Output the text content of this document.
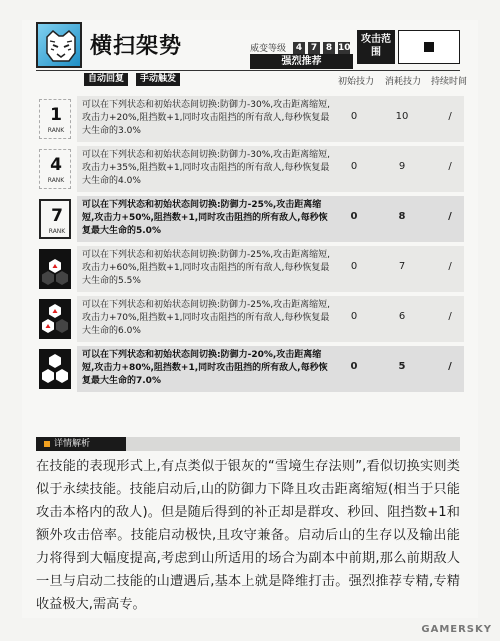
横扫架势	威变等级	4 7 8 10
强烈推荐
攻击范围
自动回复	手动触发	初始技力 消耗技力 持续时间
1
RANK
可以在下列状态和初始状态间切换:防御力-30%,攻击距离缩短,攻击力+20%,阻挡数+1,同时攻击阻挡的所有敌人,每秒恢复最大生命的3.0%
0	10	/
4
RANK
可以在下列状态和初始状态间切换:防御力-30%,攻击距离缩短,攻击力+35%,阻挡数+1,同时攻击阻挡的所有敌人,每秒恢复最大生命的4.0%
0	9	/
7
RANK
可以在下列状态和初始状态间切换:防御力-25%,攻击距离缩短,攻击力+50%,阻挡数+1,同时攻击阻挡的所有敌人,每秒恢复最大生命的5.0%
0	8	/
可以在下列状态和初始状态间切换:防御力-25%,攻击距离缩短,攻击力+60%,阻挡数+1,同时攻击阻挡的所有敌人,每秒恢复最大生命的5.5%
0	7	/
可以在下列状态和初始状态间切换:防御力-25%,攻击距离缩短,攻击力+70%,阻挡数+1,同时攻击阻挡的所有敌人,每秒恢复最大生命的6.0%
0	6	/
可以在下列状态和初始状态间切换:防御力-20%,攻击距离缩短,攻击力+80%,阻挡数+1,同时攻击阻挡的所有敌人,每秒恢复最大生命的7.0%
0	5	/
详情解析
在技能的表现形式上,有点类似于银灰的“雪境生存法则”,看似切换实则类似于永续技能。技能启动后,山的防御力下降且攻击距离缩短(相当于只能攻击本格内的敌人)。但是随后得到的补正却是群攻、秒回、阻挡数+1和额外攻击倍率。技能启动极快,且攻守兼备。启动后山的生存以及输出能力将得到大幅度提高,考虑到山所适用的场合为副本中前期,那么前期敌人一旦与启动二技能的山遭遇后,基本上就是降维打击。强烈推荐专精,专精收益极大,需高专。
GAMERSKY
